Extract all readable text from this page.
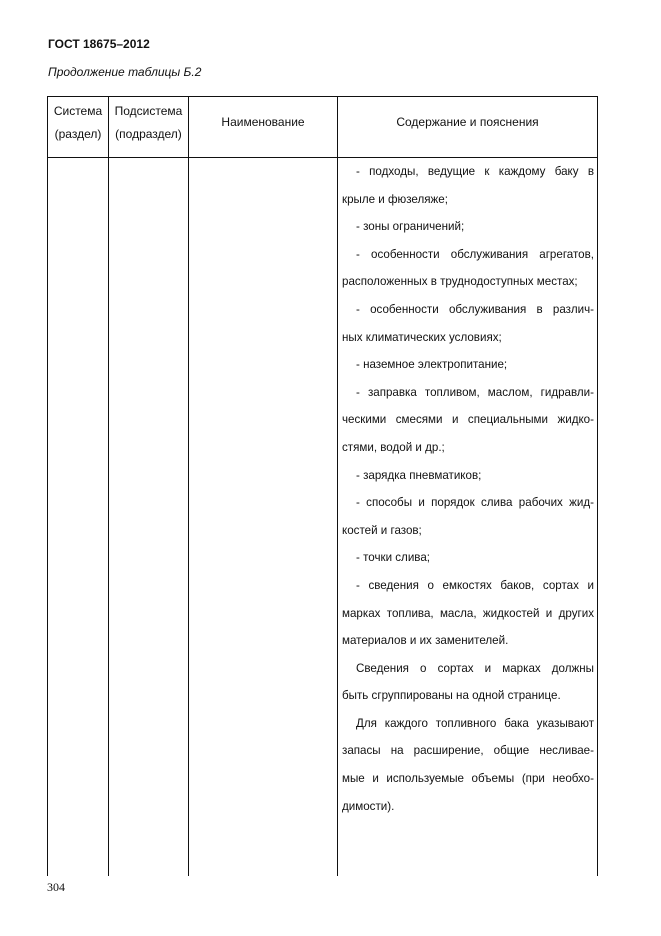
ГОСТ 18675–2012
Продолжение таблицы Б.2
Система
(раздел)
Подсистема
(подраздел)
Наименование	Содержание и пояснения
- подходы, ведущие к каждому баку в
крыле и фюзеляже;
- зоны ограничений;
- особенности обслуживания агрегатов,
расположенных в труднодоступных местах;
- особенности обслуживания в различ-
ных климатических условиях;
- наземное электропитание;
- заправка топливом, маслом, гидравли-
ческими смесями и специальными жидко-
стями, водой и др.;
- зарядка пневматиков;
- способы и порядок слива рабочих жид-
костей и газов;
- точки слива;
- сведения о емкостях баков, сортах и
марках топлива, масла, жидкостей и других
материалов и их заменителей.
Сведения о сортах и марках должны
быть сгруппированы на одной странице.
Для каждого топливного бака указывают
запасы на расширение, общие несливае-
мые и используемые объемы (при необхо-
димости).
304
